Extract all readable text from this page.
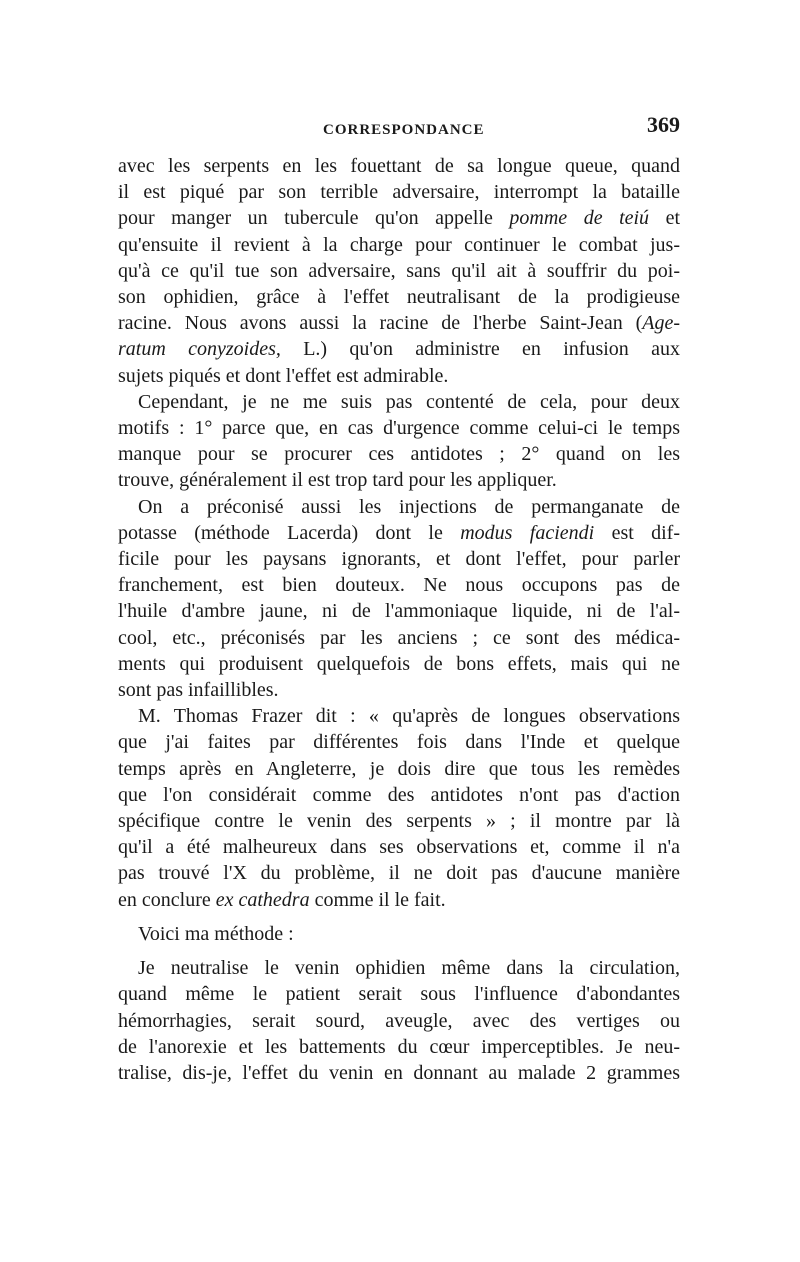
CORRESPONDANCE	369

avec les serpents en les fouettant de sa longue queue, quand

il est piqué par son terrible adversaire, interrompt la bataille

pour manger un tubercule qu'on appelle pomme de teiú et

qu'ensuite il revient à la charge pour continuer le combat jus-

qu'à ce qu'il tue son adversaire, sans qu'il ait à souffrir du poi-

son ophidien, grâce à l'effet neutralisant de la prodigieuse

racine. Nous avons aussi la racine de l'herbe Saint-Jean (Age-

ratum conyzoides, L.) qu'on administre en infusion aux

sujets piqués et dont l'effet est admirable.

Cependant, je ne me suis pas contenté de cela, pour deux

motifs : 1° parce que, en cas d'urgence comme celui-ci le temps

manque pour se procurer ces antidotes ; 2° quand on les

trouve, généralement il est trop tard pour les appliquer.

On a préconisé aussi les injections de permanganate de

potasse (méthode Lacerda) dont le modus faciendi est dif-

ficile pour les paysans ignorants, et dont l'effet, pour parler

franchement, est bien douteux. Ne nous occupons pas de

l'huile d'ambre jaune, ni de l'ammoniaque liquide, ni de l'al-

cool, etc., préconisés par les anciens ; ce sont des médica-

ments qui produisent quelquefois de bons effets, mais qui ne

sont pas infaillibles.

M. Thomas Frazer dit : « qu'après de longues observations

que j'ai faites par différentes fois dans l'Inde et quelque

temps après en Angleterre, je dois dire que tous les remèdes

que l'on considérait comme des antidotes n'ont pas d'action

spécifique contre le venin des serpents » ; il montre par là

qu'il a été malheureux dans ses observations et, comme il n'a

pas trouvé l'X du problème, il ne doit pas d'aucune manière

en conclure ex cathedra comme il le fait.

Voici ma méthode :

Je neutralise le venin ophidien même dans la circulation,

quand même le patient serait sous l'influence d'abondantes

hémorrhagies, serait sourd, aveugle, avec des vertiges ou

de l'anorexie et les battements du cœur imperceptibles. Je neu-

tralise, dis-je, l'effet du venin en donnant au malade 2 grammes
